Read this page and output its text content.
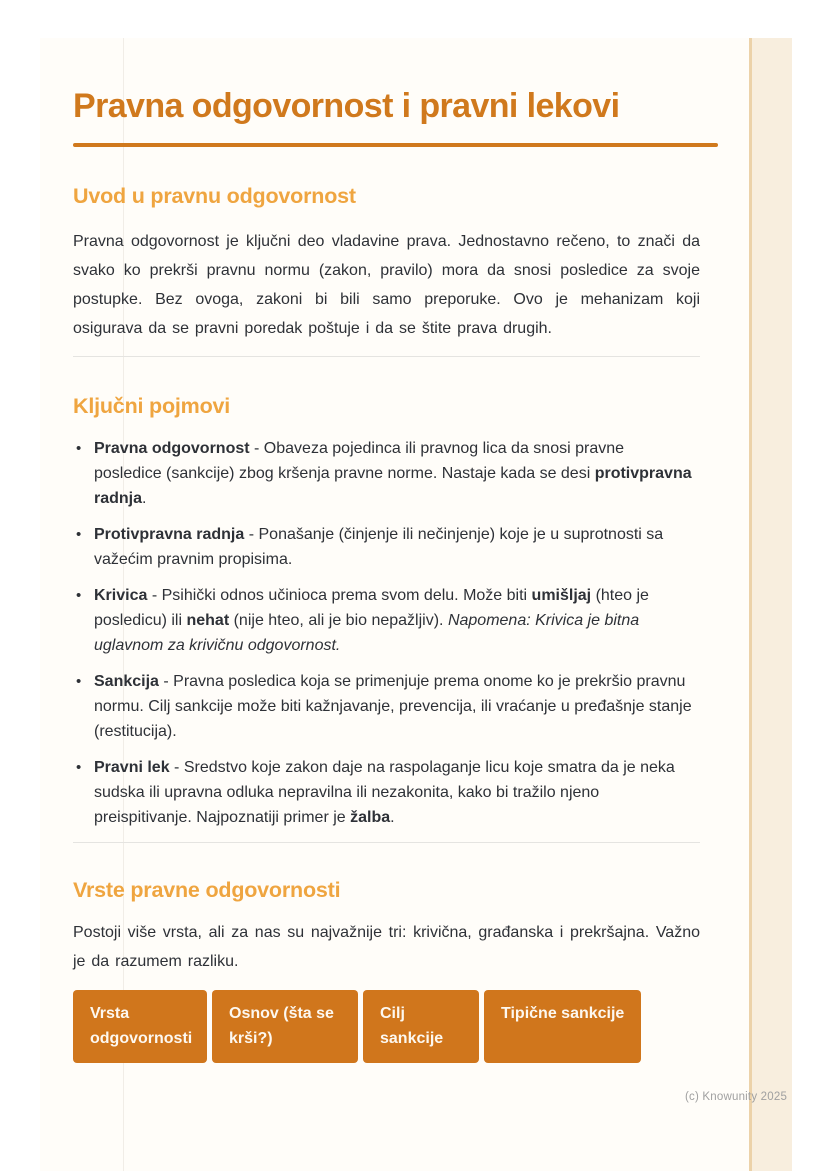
Pravna odgovornost i pravni lekovi
Uvod u pravnu odgovornost

Pravna odgovornost je ključni deo vladavine prava. Jednostavno rečeno, to znači da svako ko prekrši pravnu normu (zakon, pravilo) mora da snosi posledice za svoje postupke. Bez ovoga, zakoni bi bili samo preporuke. Ovo je mehanizam koji osigurava da se pravni poredak poštuje i da se štite prava drugih.

Ključni pojmovi
• Pravna odgovornost - Obaveza pojedinca ili pravnog lica da snosi pravne posledice (sankcije) zbog kršenja pravne norme. Nastaje kada se desi protivpravna radnja.
• Protivpravna radnja - Ponašanje (činjenje ili nečinjenje) koje je u suprotnosti sa važećim pravnim propisima.
• Krivica - Psihički odnos učinioca prema svom delu. Može biti umišljaj (hteo je posledicu) ili nehat (nije hteo, ali je bio nepažljiv). Napomena: Krivica je bitna uglavnom za krivičnu odgovornost.
• Sankcija - Pravna posledica koja se primenjuje prema onome ko je prekršio pravnu normu. Cilj sankcije može biti kažnjavanje, prevencija, ili vraćanje u pređašnje stanje (restitucija).
• Pravni lek - Sredstvo koje zakon daje na raspolaganje licu koje smatra da je neka sudska ili upravna odluka nepravilna ili nezakonita, kako bi tražilo njeno preispitivanje. Najpoznatiji primer je žalba.
Vrste pravne odgovornosti

Postoji više vrsta, ali za nas su najvažnije tri: krivična, građanska i prekršajna. Važno je da razumem razliku.

Vrsta odgovornosti
Osnov (šta se krši?)
Cilj sankcije
Tipične sankcije
(c) Knowunity 2025
